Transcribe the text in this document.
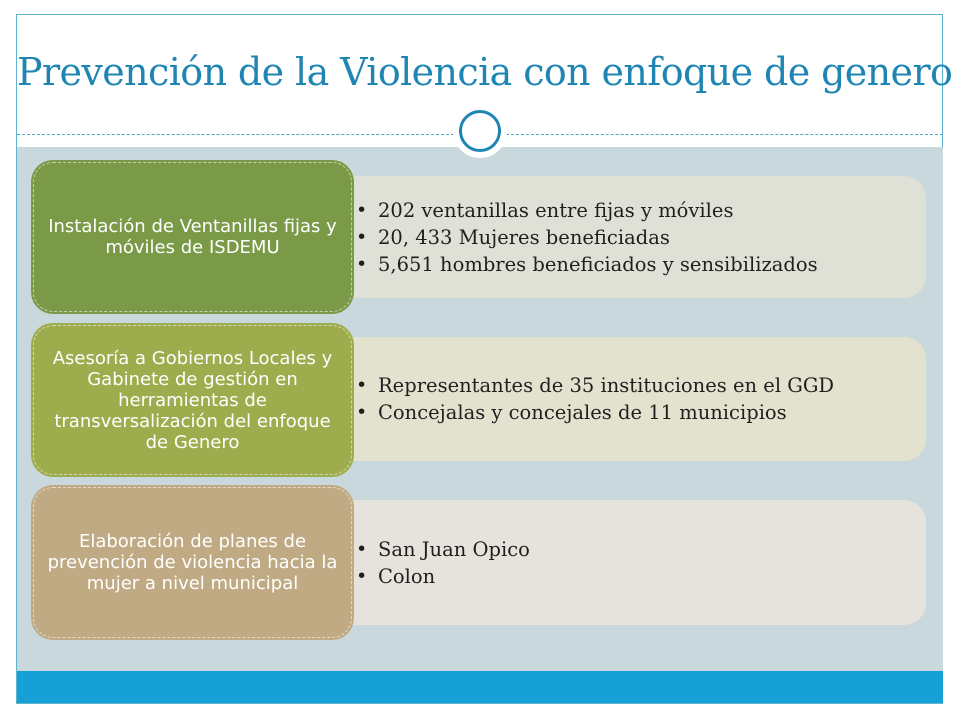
Prevención de la Violencia con enfoque de genero
• 202 ventanillas entre fijas y móviles
• 20, 433 Mujeres beneficiadas
• 5,651 hombres beneficiados y sensibilizados
Instalación de Ventanillas fijas y móviles de ISDEMU
• Representantes de 35 instituciones en el GGD
• Concejalas y concejales de 11 municipios
Asesoría a Gobiernos Locales y Gabinete de gestión en herramientas de transversalización del enfoque de Genero
• San Juan Opico
• Colon
Elaboración de planes de prevención de violencia hacia la mujer a nivel municipal
